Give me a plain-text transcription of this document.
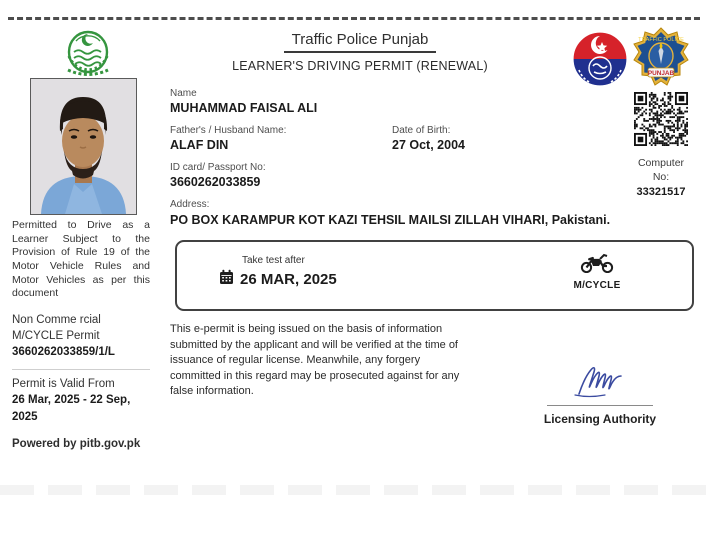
Traffic Police Punjab
LEARNER'S DRIVING PERMIT (RENEWAL)
TRAFFIC POLICE
PUNJAB
Permitted to Drive as a Learner Subject to the Provision of Rule 19 of the Motor Vehicle Rules and Motor Vehicles as per this document
Non Comme rcial
M/CYCLE Permit
3660262033859/1/L
Permit is Valid From
26 Mar, 2025 - 22 Sep, 2025
Powered by pitb.gov.pk
Name
MUHAMMAD FAISAL ALI
Father's / Husband Name:
ALAF DIN
Date of Birth:
27 Oct, 2004
ID card/ Passport No:
3660262033859
Address:
PO BOX KARAMPUR KOT KAZI TEHSIL MAILSI ZILLAH VIHARI, Pakistani.
Computer No:
33321517
Take test after
26 MAR, 2025	M/CYCLE
This e-permit is being issued on the basis of information submitted by the applicant and will be verified at the time of issuance of regular license. Meanwhile, any forgery committed in this regard may be prosecuted against for any false information.
Licensing Authority
